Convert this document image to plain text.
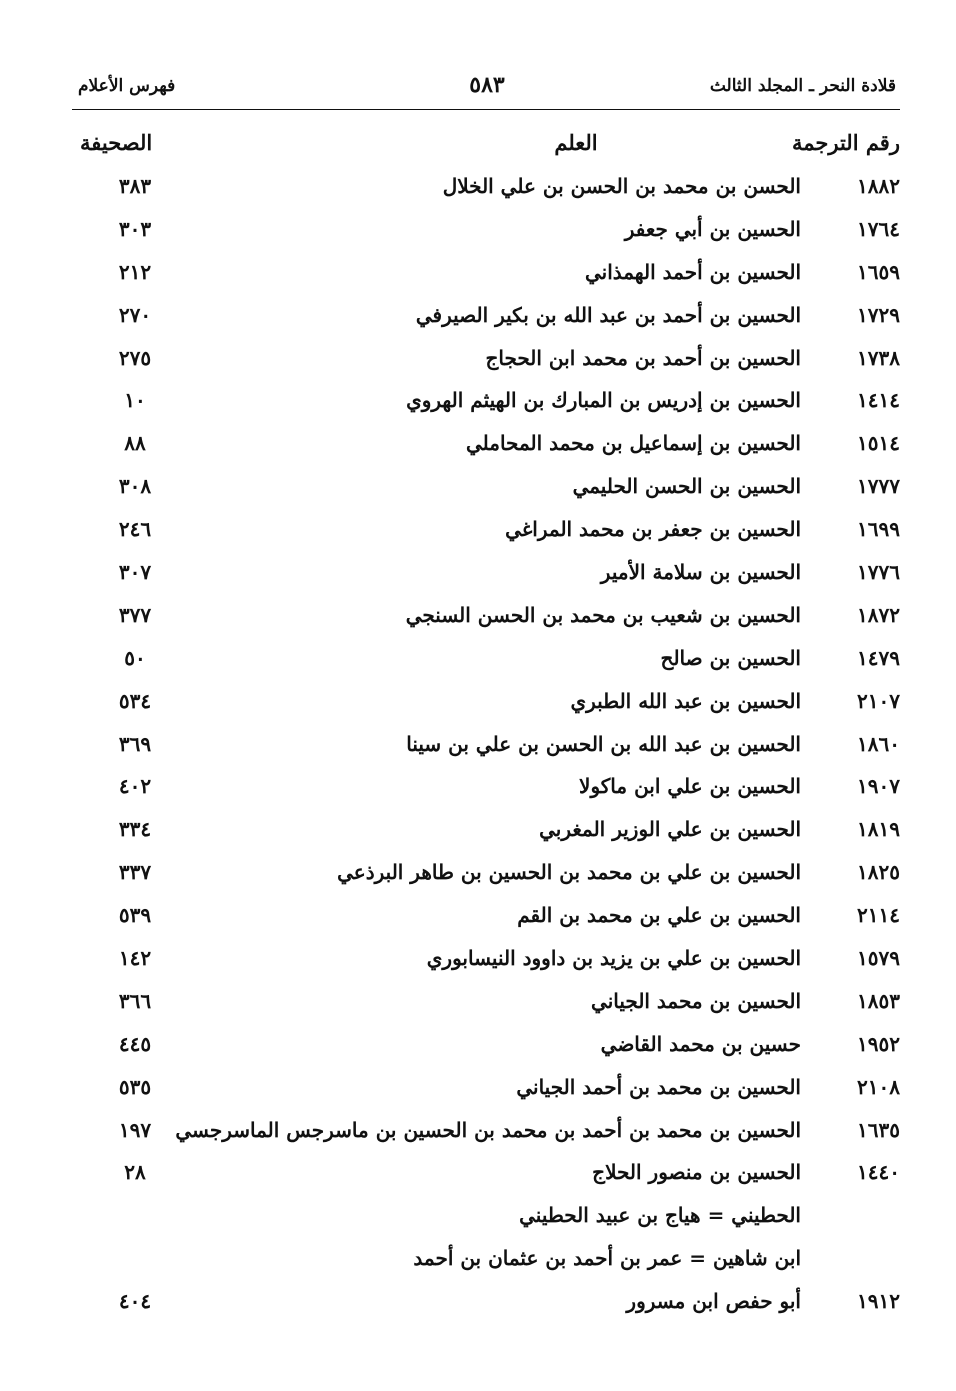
قلادة النحر ـ المجلد الثالث
٥٨٣
فهرس الأعلام
رقم الترجمة
العلم
الصحيفة
١٨٨٢
الحسن بن محمد بن الحسن بن علي الخلال
٣٨٣
١٧٦٤
الحسين بن أبي جعفر
٣٠٣
١٦٥٩
الحسين بن أحمد الهمذاني
٢١٢
١٧٢٩
الحسين بن أحمد بن عبد الله بن بكير الصيرفي
٢٧٠
١٧٣٨
الحسين بن أحمد بن محمد ابن الحجاج
٢٧٥
١٤١٤
الحسين بن إدريس بن المبارك بن الهيثم الهروي
١٠
١٥١٤
الحسين بن إسماعيل بن محمد المحاملي
٨٨
١٧٧٧
الحسين بن الحسن الحليمي
٣٠٨
١٦٩٩
الحسين بن جعفر بن محمد المراغي
٢٤٦
١٧٧٦
الحسين بن سلامة الأمير
٣٠٧
١٨٧٢
الحسين بن شعيب بن محمد بن الحسن السنجي
٣٧٧
١٤٧٩
الحسين بن صالح
٥٠
٢١٠٧
الحسين بن عبد الله الطبري
٥٣٤
١٨٦٠
الحسين بن عبد الله بن الحسن بن علي بن سينا
٣٦٩
١٩٠٧
الحسين بن علي ابن ماكولا
٤٠٢
١٨١٩
الحسين بن علي الوزير المغربي
٣٣٤
١٨٢٥
الحسين بن علي بن محمد بن الحسين بن طاهر البرذعي
٣٣٧
٢١١٤
الحسين بن علي بن محمد بن القم
٥٣٩
١٥٧٩
الحسين بن علي بن يزيد بن داوود النيسابوري
١٤٢
١٨٥٣
الحسين بن محمد الجياني
٣٦٦
١٩٥٢
حسين بن محمد القاضي
٤٤٥
٢١٠٨
الحسين بن محمد بن أحمد الجياني
٥٣٥
١٦٣٥
الحسين بن محمد بن أحمد بن محمد بن الحسين بن ماسرجس الماسرجسي
١٩٧
١٤٤٠
الحسين بن منصور الحلاج
٢٨
الحطيني = هياج بن عبيد الحطيني
ابن شاهين = عمر بن أحمد بن عثمان بن أحمد
١٩١٢
أبو حفص ابن مسرور
٤٠٤
